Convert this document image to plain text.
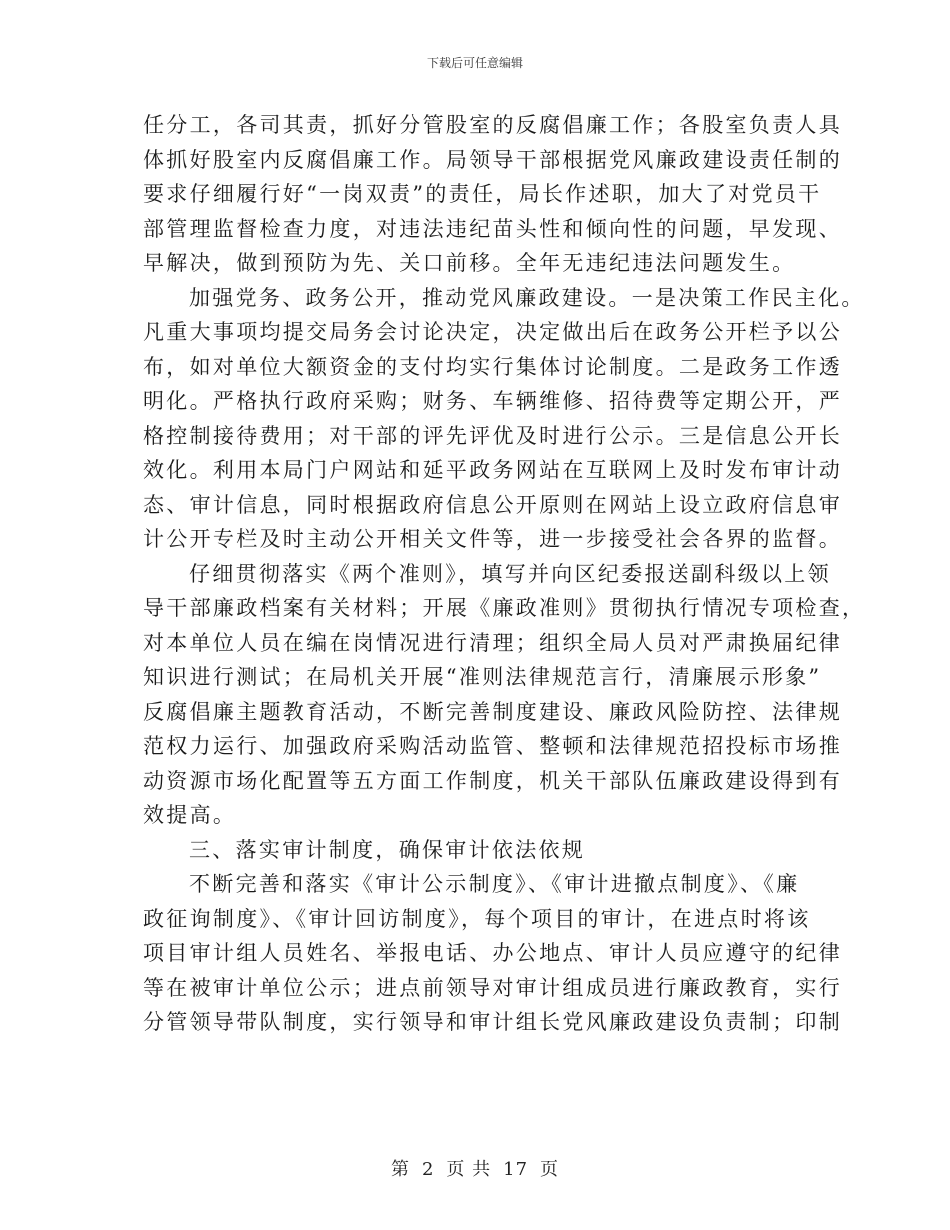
下载后可任意编辑
任分工，各司其责，抓好分管股室的反腐倡廉工作；各股室负责人具
体抓好股室内反腐倡廉工作。局领导干部根据党风廉政建设责任制的
要求仔细履行好“一岗双责”的责任，局长作述职，加大了对党员干
部管理监督检查力度，对违法违纪苗头性和倾向性的问题，早发现、
早解决，做到预防为先、关口前移。全年无违纪违法问题发生。
加强党务、政务公开，推动党风廉政建设。一是决策工作民主化。
凡重大事项均提交局务会讨论决定，决定做出后在政务公开栏予以公
布，如对单位大额资金的支付均实行集体讨论制度。二是政务工作透
明化。严格执行政府采购；财务、车辆维修、招待费等定期公开，严
格控制接待费用；对干部的评先评优及时进行公示。三是信息公开长
效化。利用本局门户网站和延平政务网站在互联网上及时发布审计动
态、审计信息，同时根据政府信息公开原则在网站上设立政府信息审
计公开专栏及时主动公开相关文件等，进一步接受社会各界的监督。
仔细贯彻落实《两个准则》，填写并向区纪委报送副科级以上领
导干部廉政档案有关材料；开展《廉政准则》贯彻执行情况专项检查，
对本单位人员在编在岗情况进行清理；组织全局人员对严肃换届纪律
知识进行测试；在局机关开展“准则法律规范言行，清廉展示形象”
反腐倡廉主题教育活动，不断完善制度建设、廉政风险防控、法律规
范权力运行、加强政府采购活动监管、整顿和法律规范招投标市场推
动资源市场化配置等五方面工作制度，机关干部队伍廉政建设得到有
效提高。
三、落实审计制度，确保审计依法依规
不断完善和落实《审计公示制度》、《审计进撤点制度》、《廉
政征询制度》、《审计回访制度》，每个项目的审计，在进点时将该
项目审计组人员姓名、举报电话、办公地点、审计人员应遵守的纪律
等在被审计单位公示；进点前领导对审计组成员进行廉政教育，实行
分管领导带队制度，实行领导和审计组长党风廉政建设负责制；印制
第 2 页 共 17 页
